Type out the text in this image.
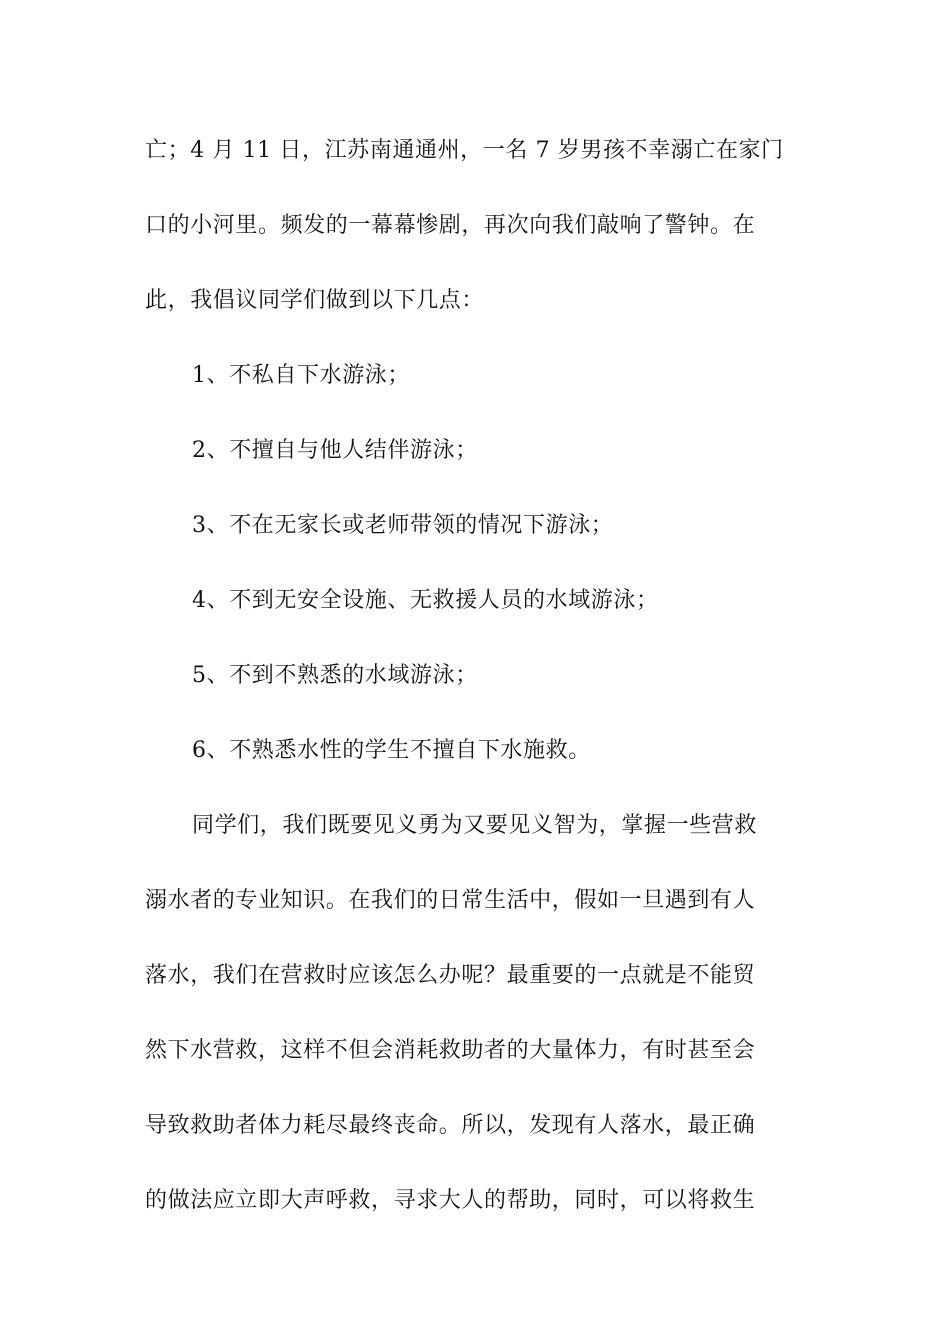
亡；4 月 11 日，江苏南通通州，一名 7 岁男孩不幸溺亡在家门
口的小河里。频发的一幕幕惨剧，再次向我们敲响了警钟。在
此，我倡议同学们做到以下几点：
1、不私自下水游泳；
2、不擅自与他人结伴游泳；
3、不在无家长或老师带领的情况下游泳；
4、不到无安全设施、无救援人员的水域游泳；
5、不到不熟悉的水域游泳；
6、不熟悉水性的学生不擅自下水施救。
同学们，我们既要见义勇为又要见义智为，掌握一些营救
溺水者的专业知识。在我们的日常生活中，假如一旦遇到有人
落水，我们在营救时应该怎么办呢？最重要的一点就是不能贸
然下水营救，这样不但会消耗救助者的大量体力，有时甚至会
导致救助者体力耗尽最终丧命。所以，发现有人落水，最正确
的做法应立即大声呼救，寻求大人的帮助，同时，可以将救生
